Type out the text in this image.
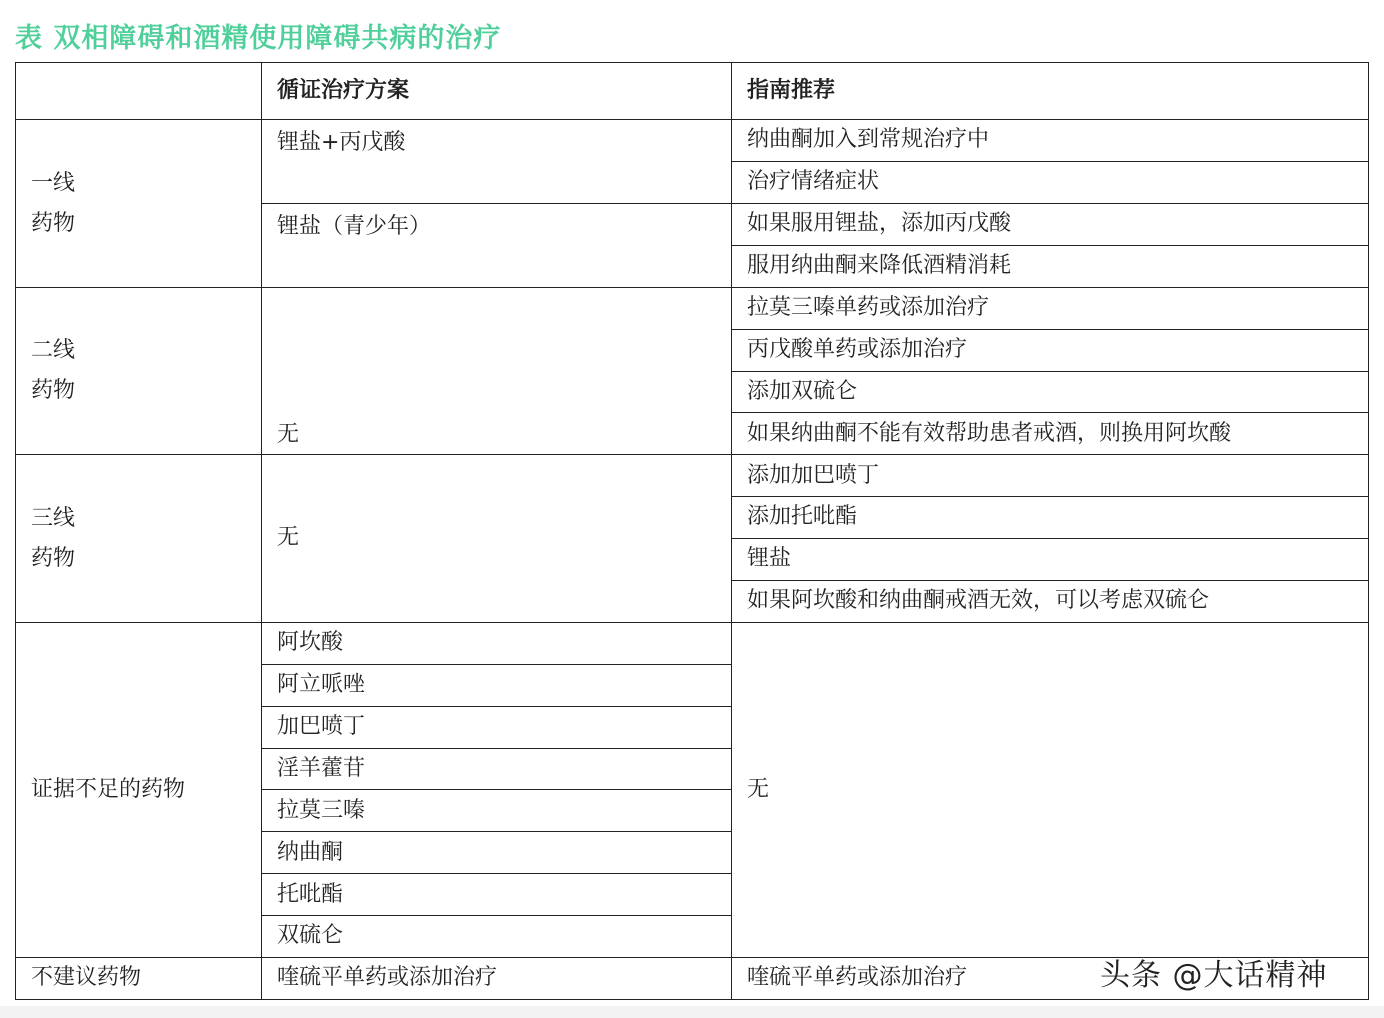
表 双相障碍和酒精使用障碍共病的治疗
	循证治疗方案	指南推荐

一线
药物	锂盐+丙戊酸	纳曲酮加入到常规治疗中
		治疗情绪症状
	锂盐（青少年）	如果服用锂盐，添加丙戊酸
		服用纳曲酮来降低酒精消耗

二线
药物	无	拉莫三嗪单药或添加治疗
		丙戊酸单药或添加治疗
		添加双硫仑
		如果纳曲酮不能有效帮助患者戒酒，则换用阿坎酸

三线
药物	无	添加加巴喷丁
		添加托吡酯
		锂盐
		如果阿坎酸和纳曲酮戒酒无效，可以考虑双硫仑
证据不足的药物	阿坎酸	无
	阿立哌唑	
	加巴喷丁	
	淫羊藿苷	
	拉莫三嗪	
	纳曲酮	
	托吡酯	
	双硫仑	
不建议药物	喹硫平单药或添加治疗	喹硫平单药或添加治疗	头条 @大话精神
